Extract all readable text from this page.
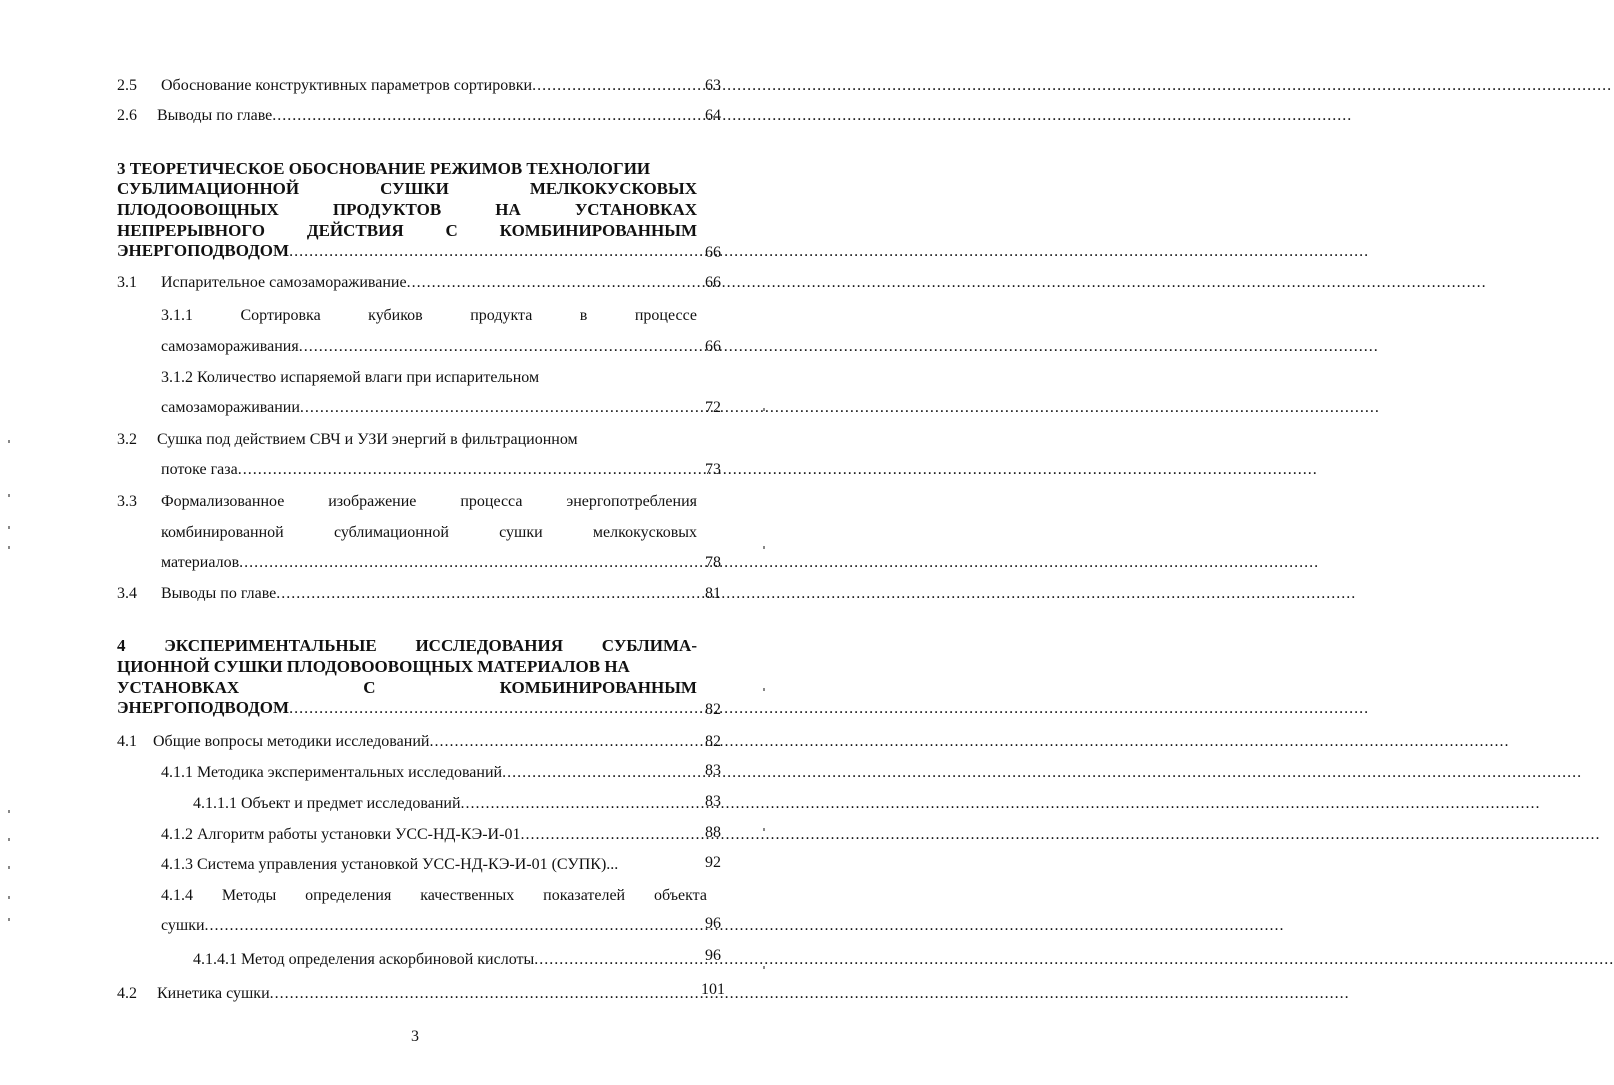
2.5 Обоснование конструктивных параметров сортировки .....	63
2.6 Выводы по главе .....	64
3 ТЕОРЕТИЧЕСКОЕ ОБОСНОВАНИЕ РЕЖИМОВ ТЕХНОЛОГИИ
СУБЛИМАЦИОННОЙ	СУШКИ	МЕЛКОКУСКОВЫХ
ПЛОДООВОЩНЫХ	ПРОДУКТОВ	НА	УСТАНОВКАХ
НЕПРЕРЫВНОГО ДЕЙСТВИЯ С КОМБИНИРОВАННЫМ
ЭНЕРГОПОДВОДОМ .....	66
3.1 Испарительное самозамораживание .....	66
3.1.1	Сортировка	кубиков	продукта	в	процессе
самозамораживания .....	66
3.1.2 Количество испаряемой влаги при испарительном
самозамораживании .....	72
3.2 Сушка под действием СВЧ и УЗИ энергий в фильтрационном
потоке газа .....	73
3.3 Формализованное	изображение	процесса	энергопотребления
комбинированной	сублимационной	сушки	мелкокусковых
материалов .....	78
3.4 Выводы по главе .....	81
4 ЭКСПЕРИМЕНТАЛЬНЫЕ ИССЛЕДОВАНИЯ СУБЛИМА-
ЦИОННОЙ СУШКИ ПЛОДОВООВОЩНЫХ МАТЕРИАЛОВ НА
УСТАНОВКАХ	С	КОМБИНИРОВАННЫМ
ЭНЕРГОПОДВОДОМ .....	82
4.1 Общие вопросы методики исследований .....	82
4.1.1 Методика экспериментальных исследований .....	83
4.1.1.1 Объект и предмет исследований .....	83
4.1.2 Алгоритм работы установки УСС-НД-КЭ-И-01 .....	88
4.1.3 Система управления установкой УСС-НД-КЭ-И-01 (СУПК)...	92
4.1.4 Методы определения качественных показателей объекта
сушки .....	96
4.1.4.1 Метод определения аскорбиновой кислоты .....	96
4.2 Кинетика сушки .....	101
3
